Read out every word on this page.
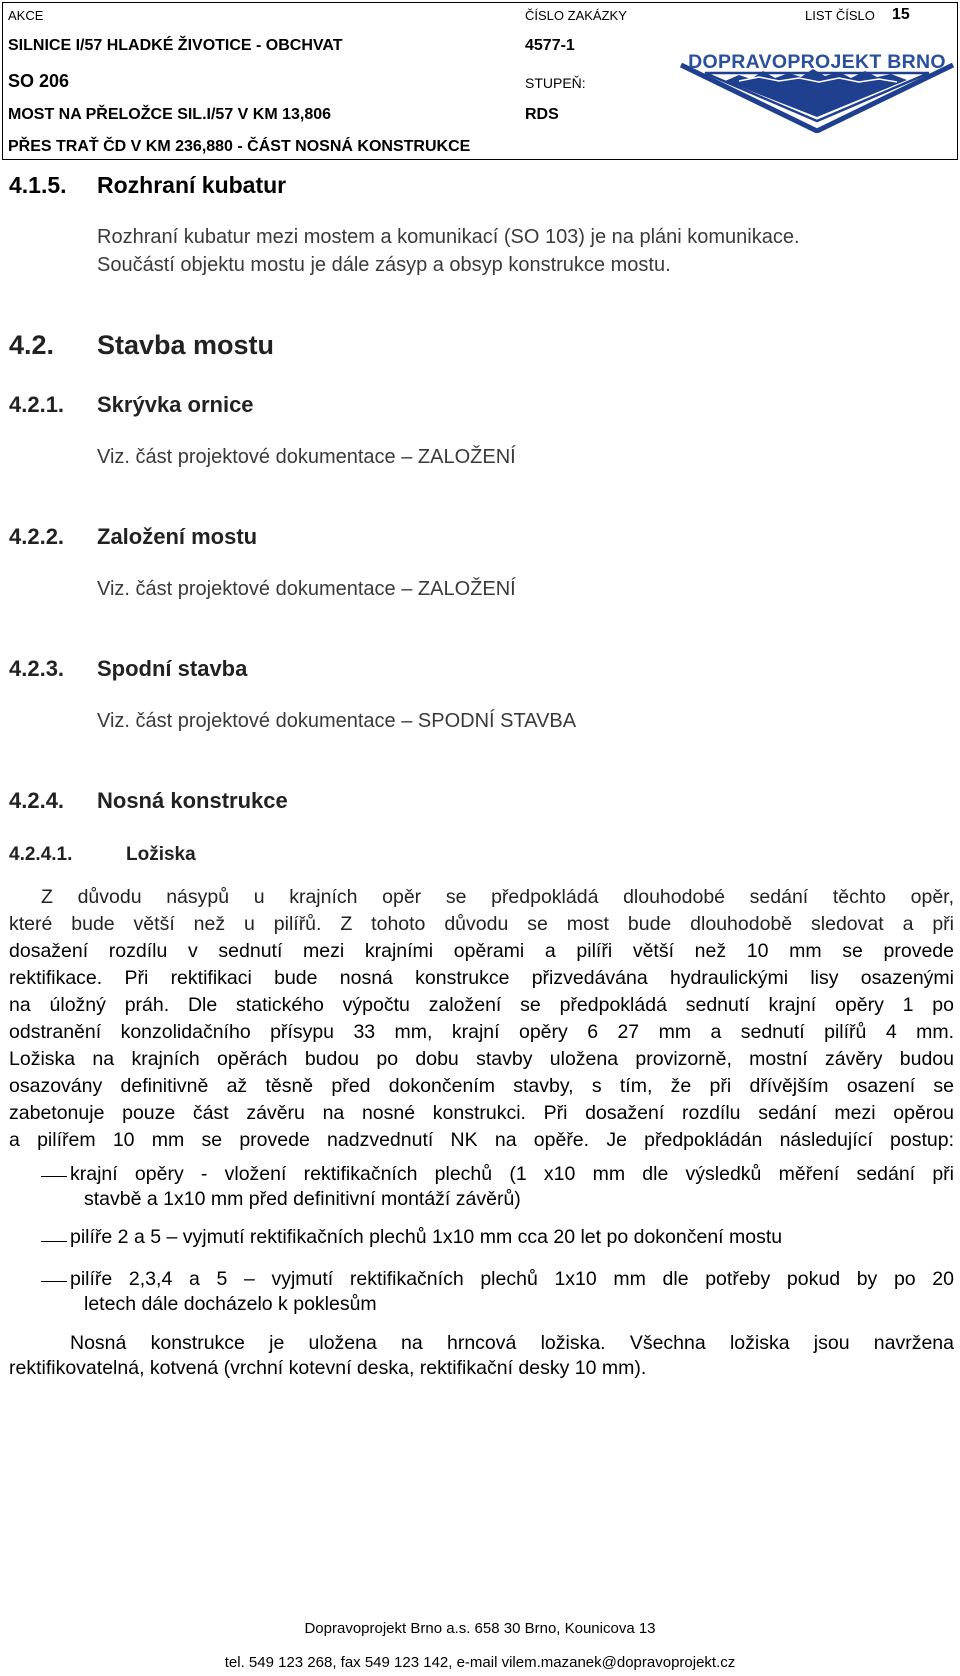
AKCE	ČÍSLO ZAKÁZKY	LIST ČÍSLO 15
SILNICE I/57 HLADKÉ ŽIVOTICE - OBCHVAT	4577-1
SO 206	STUPEŇ:
MOST NA PŘELOŽCE SIL.I/57 V KM 13,806	RDS
PŘES TRAŤ ČD V KM 236,880 - ČÁST NOSNÁ KONSTRUKCE
DOPRAVOPROJEKT BRNO
4.1.5. Rozhraní kubatur
Rozhraní kubatur mezi mostem a komunikací (SO 103) je na pláni komunikace.
Součástí objektu mostu je dále zásyp a obsyp konstrukce mostu.
4.2. Stavba mostu
4.2.1. Skrývka ornice
Viz. část projektové dokumentace – ZALOŽENÍ
4.2.2. Založení mostu
Viz. část projektové dokumentace – ZALOŽENÍ
4.2.3. Spodní stavba
Viz. část projektové dokumentace – SPODNÍ STAVBA
4.2.4. Nosná konstrukce
4.2.4.1.	Ložiska
Z důvodu násypů u krajních opěr se předpokládá dlouhodobé sedání těchto opěr,
které bude větší než u pilířů. Z tohoto důvodu se most bude dlouhodobě sledovat a při
dosažení rozdílu v sednutí mezi krajními opěrami a pilíři větší než 10 mm se provede
rektifikace. Při rektifikaci bude nosná konstrukce přizvedávána hydraulickými lisy osazenými
na úložný práh. Dle statického výpočtu založení se předpokládá sednutí krajní opěry 1 po
odstranění konzolidačního přísypu 33 mm, krajní opěry 6 27 mm a sednutí pilířů 4 mm.
Ložiska na krajních opěrách budou po dobu stavby uložena provizorně, mostní závěry budou
osazovány definitivně až těsně před dokončením stavby, s tím, že při dřívějším osazení se
zabetonuje pouze část závěru na nosné konstrukci. Při dosažení rozdílu sedání mezi opěrou
a pilířem 10 mm se provede nadzvednutí NK na opěře. Je předpokládán následující postup:
krajní opěry - vložení rektifikačních plechů (1 x10 mm dle výsledků měření sedání při
stavbě a 1x10 mm před definitivní montáží závěrů)
pilíře 2 a 5 – vyjmutí rektifikačních plechů 1x10 mm cca 20 let po dokončení mostu
pilíře 2,3,4 a 5 – vyjmutí rektifikačních plechů 1x10 mm dle potřeby pokud by po 20
letech dále docházelo k poklesům
Nosná konstrukce je uložena na hrncová ložiska. Všechna ložiska jsou navržena
rektifikovatelná, kotvená (vrchní kotevní deska, rektifikační desky 10 mm).
Dopravoprojekt Brno a.s. 658 30 Brno, Kounicova 13
tel. 549 123 268, fax 549 123 142, e-mail vilem.mazanek@dopravoprojekt.cz
